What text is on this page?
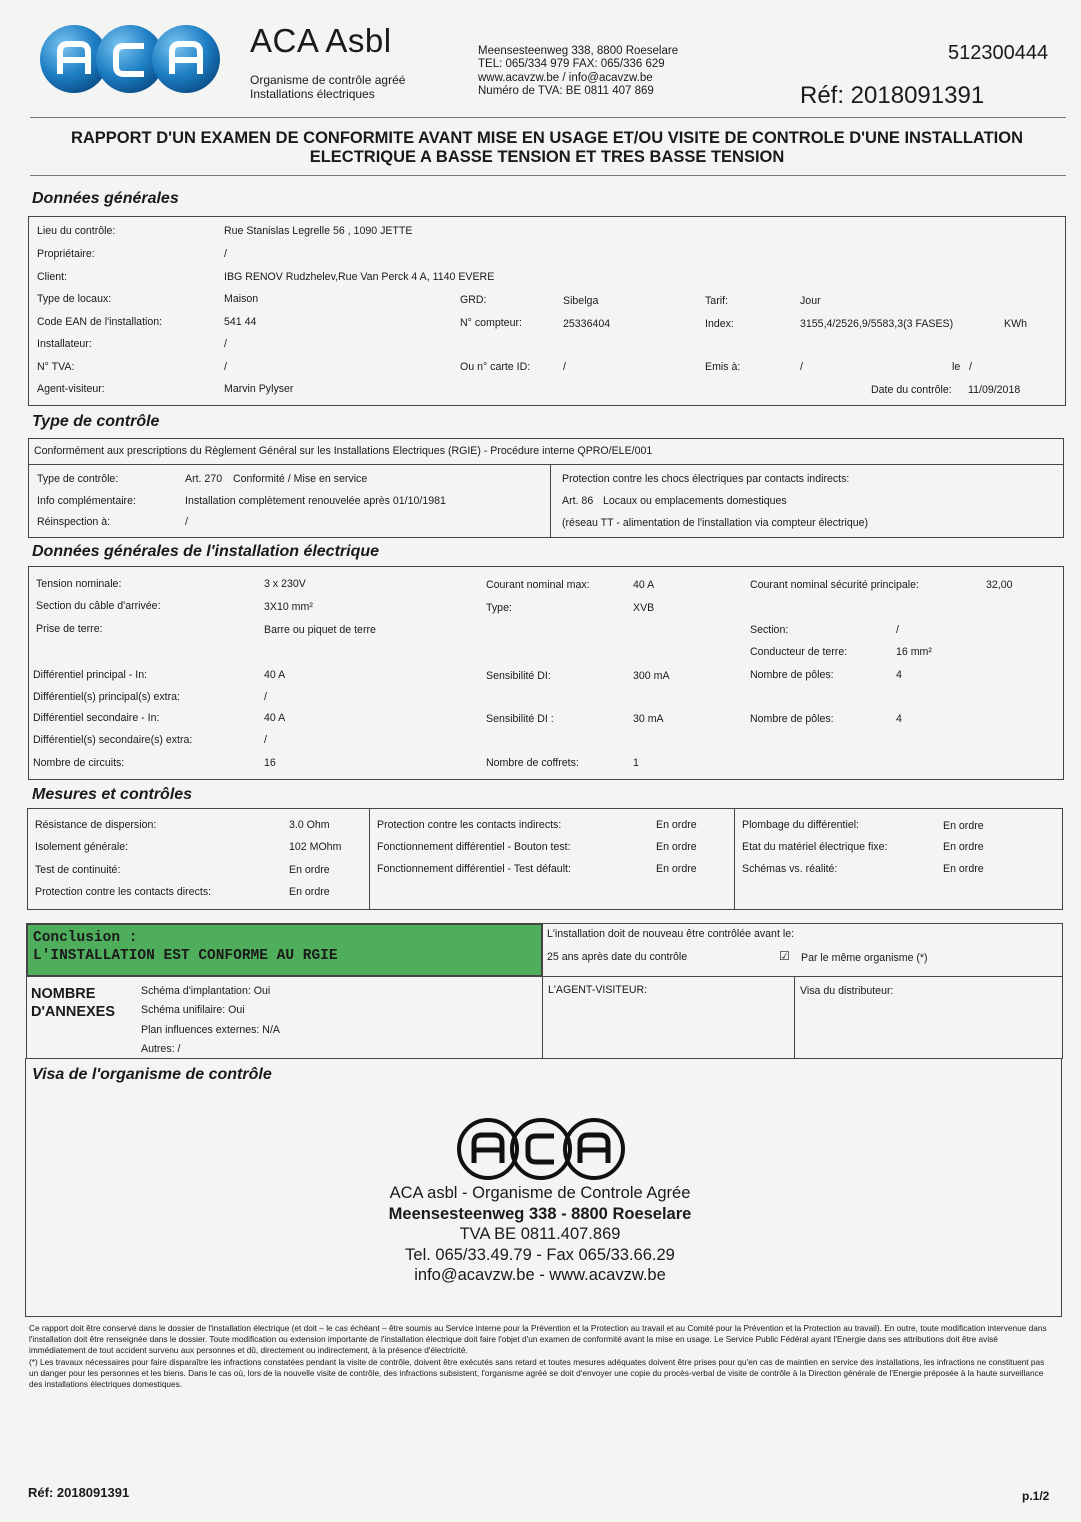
ACA Asbl
Organisme de contrôle agréé
Installations électriques
Meensesteenweg 338, 8800 Roeselare
TEL: 065/334 979 FAX: 065/336 629
www.acavzw.be / info@acavzw.be
Numéro de TVA: BE 0811 407 869
512300444
Réf: 2018091391
RAPPORT D'UN EXAMEN DE CONFORMITE AVANT MISE EN USAGE ET/OU VISITE DE CONTROLE D'UNE INSTALLATION
ELECTRIQUE A BASSE TENSION ET TRES BASSE TENSION
Données générales
Lieu du contrôle:	Rue Stanislas Legrelle 56 , 1090 JETTE
Propriétaire:	/
Client:	IBG RENOV Rudzhelev,Rue Van Perck 4 A, 1140 EVERE
Type de locaux:	Maison	GRD:	Sibelga	Tarif:	Jour
Code EAN de l'installation:	541 44	N° compteur:	25336404	Index:	3155,4/2526,9/5583,3(3 FASES)	KWh
Installateur:	/
N° TVA:	/	Ou n° carte ID:	/	Emis à:	/	le /
Agent-visiteur:	Marvin Pylyser	Date du contrôle: 11/09/2018
Type de contrôle
Conformément aux prescriptions du Règlement Général sur les Installations Electriques (RGIE) - Procédure interne QPRO/ELE/001
Type de contrôle:	Art. 270 Conformité / Mise en service
Info complémentaire:	Installation complètement renouvelée après 01/10/1981
Réinspection à:	/
Protection contre les chocs électriques par contacts indirects:
Art. 86 Locaux ou emplacements domestiques
(réseau TT - alimentation de l'installation via compteur électrique)
Données générales de l'installation électrique
Tension nominale:	3 x 230V	Courant nominal max:	40 A	Courant nominal sécurité principale:	32,00
Section du câble d'arrivée:	3X10 mm²	Type:	XVB
Prise de terre:	Barre ou piquet de terre	Section:	/
Conducteur de terre:	16 mm²
Différentiel principal - In:	40 A	Sensibilité DI:	300 mA	Nombre de pôles:	4
Différentiel(s) principal(s) extra:	/
Différentiel secondaire - In:	40 A	Sensibilité DI :	30 mA	Nombre de pôles:	4
Différentiel(s) secondaire(s) extra:	/
Nombre de circuits:	16	Nombre de coffrets:	1
Mesures et contrôles
Résistance de dispersion:	3.0 Ohm
Isolement générale:	102 MOhm
Test de continuité:	En ordre
Protection contre les contacts directs:	En ordre
Protection contre les contacts indirects:	En ordre
Fonctionnement différentiel - Bouton test:	En ordre
Fonctionnement différentiel - Test défault:	En ordre
Plombage du différentiel:	En ordre
Etat du matériel électrique fixe:	En ordre
Schémas vs. réalité:	En ordre
Conclusion :
L'INSTALLATION EST CONFORME AU RGIE
L'installation doit de nouveau être contrôlée avant le:
25 ans après date du contrôle	☑ Par le même organisme (*)
NOMBRE
D'ANNEXES
Schéma d'implantation: Oui
Schéma unifilaire: Oui
Plan influences externes: N/A
Autres: /
L'AGENT-VISITEUR:	Visa du distributeur:
Visa de l'organisme de contrôle
ACA asbl - Organisme de Controle Agrée
Meensesteenweg 338 - 8800 Roeselare
TVA BE 0811.407.869
Tel. 065/33.49.79 - Fax 065/33.66.29
info@acavzw.be - www.acavzw.be
Ce rapport doit être conservé dans le dossier de l'installation électrique (et doit – le cas échéant – être soumis au Service interne pour la Prévention et la Protection au travail et au Comité pour la Prévention et la Protection au travail). En outre, toute modification intervenue dans l'installation doit être renseignée dans le dossier. Toute modification ou extension importante de l'installation électrique doit faire l'objet d'un examen de conformité avant la mise en usage. Le Service Public Fédéral ayant l'Energie dans ses attributions doit être avisé immédiatement de tout accident survenu aux personnes et dû, directement ou indirectement, à la présence d'électricité.
(*) Les travaux nécessaires pour faire disparaître les infractions constatées pendant la visite de contrôle, doivent être exécutés sans retard et toutes mesures adéquates doivent être prises pour qu'en cas de maintien en service des installations, les infractions ne constituent pas un danger pour les personnes et les biens. Dans le cas où, lors de la nouvelle visite de contrôle, des infractions subsistent, l'organisme agréé se doit d'envoyer une copie du procès-verbal de visite de contrôle à la Direction générale de l'Energie préposée à la haute surveillance des installations électriques domestiques.
Réf: 2018091391	p.1/2
